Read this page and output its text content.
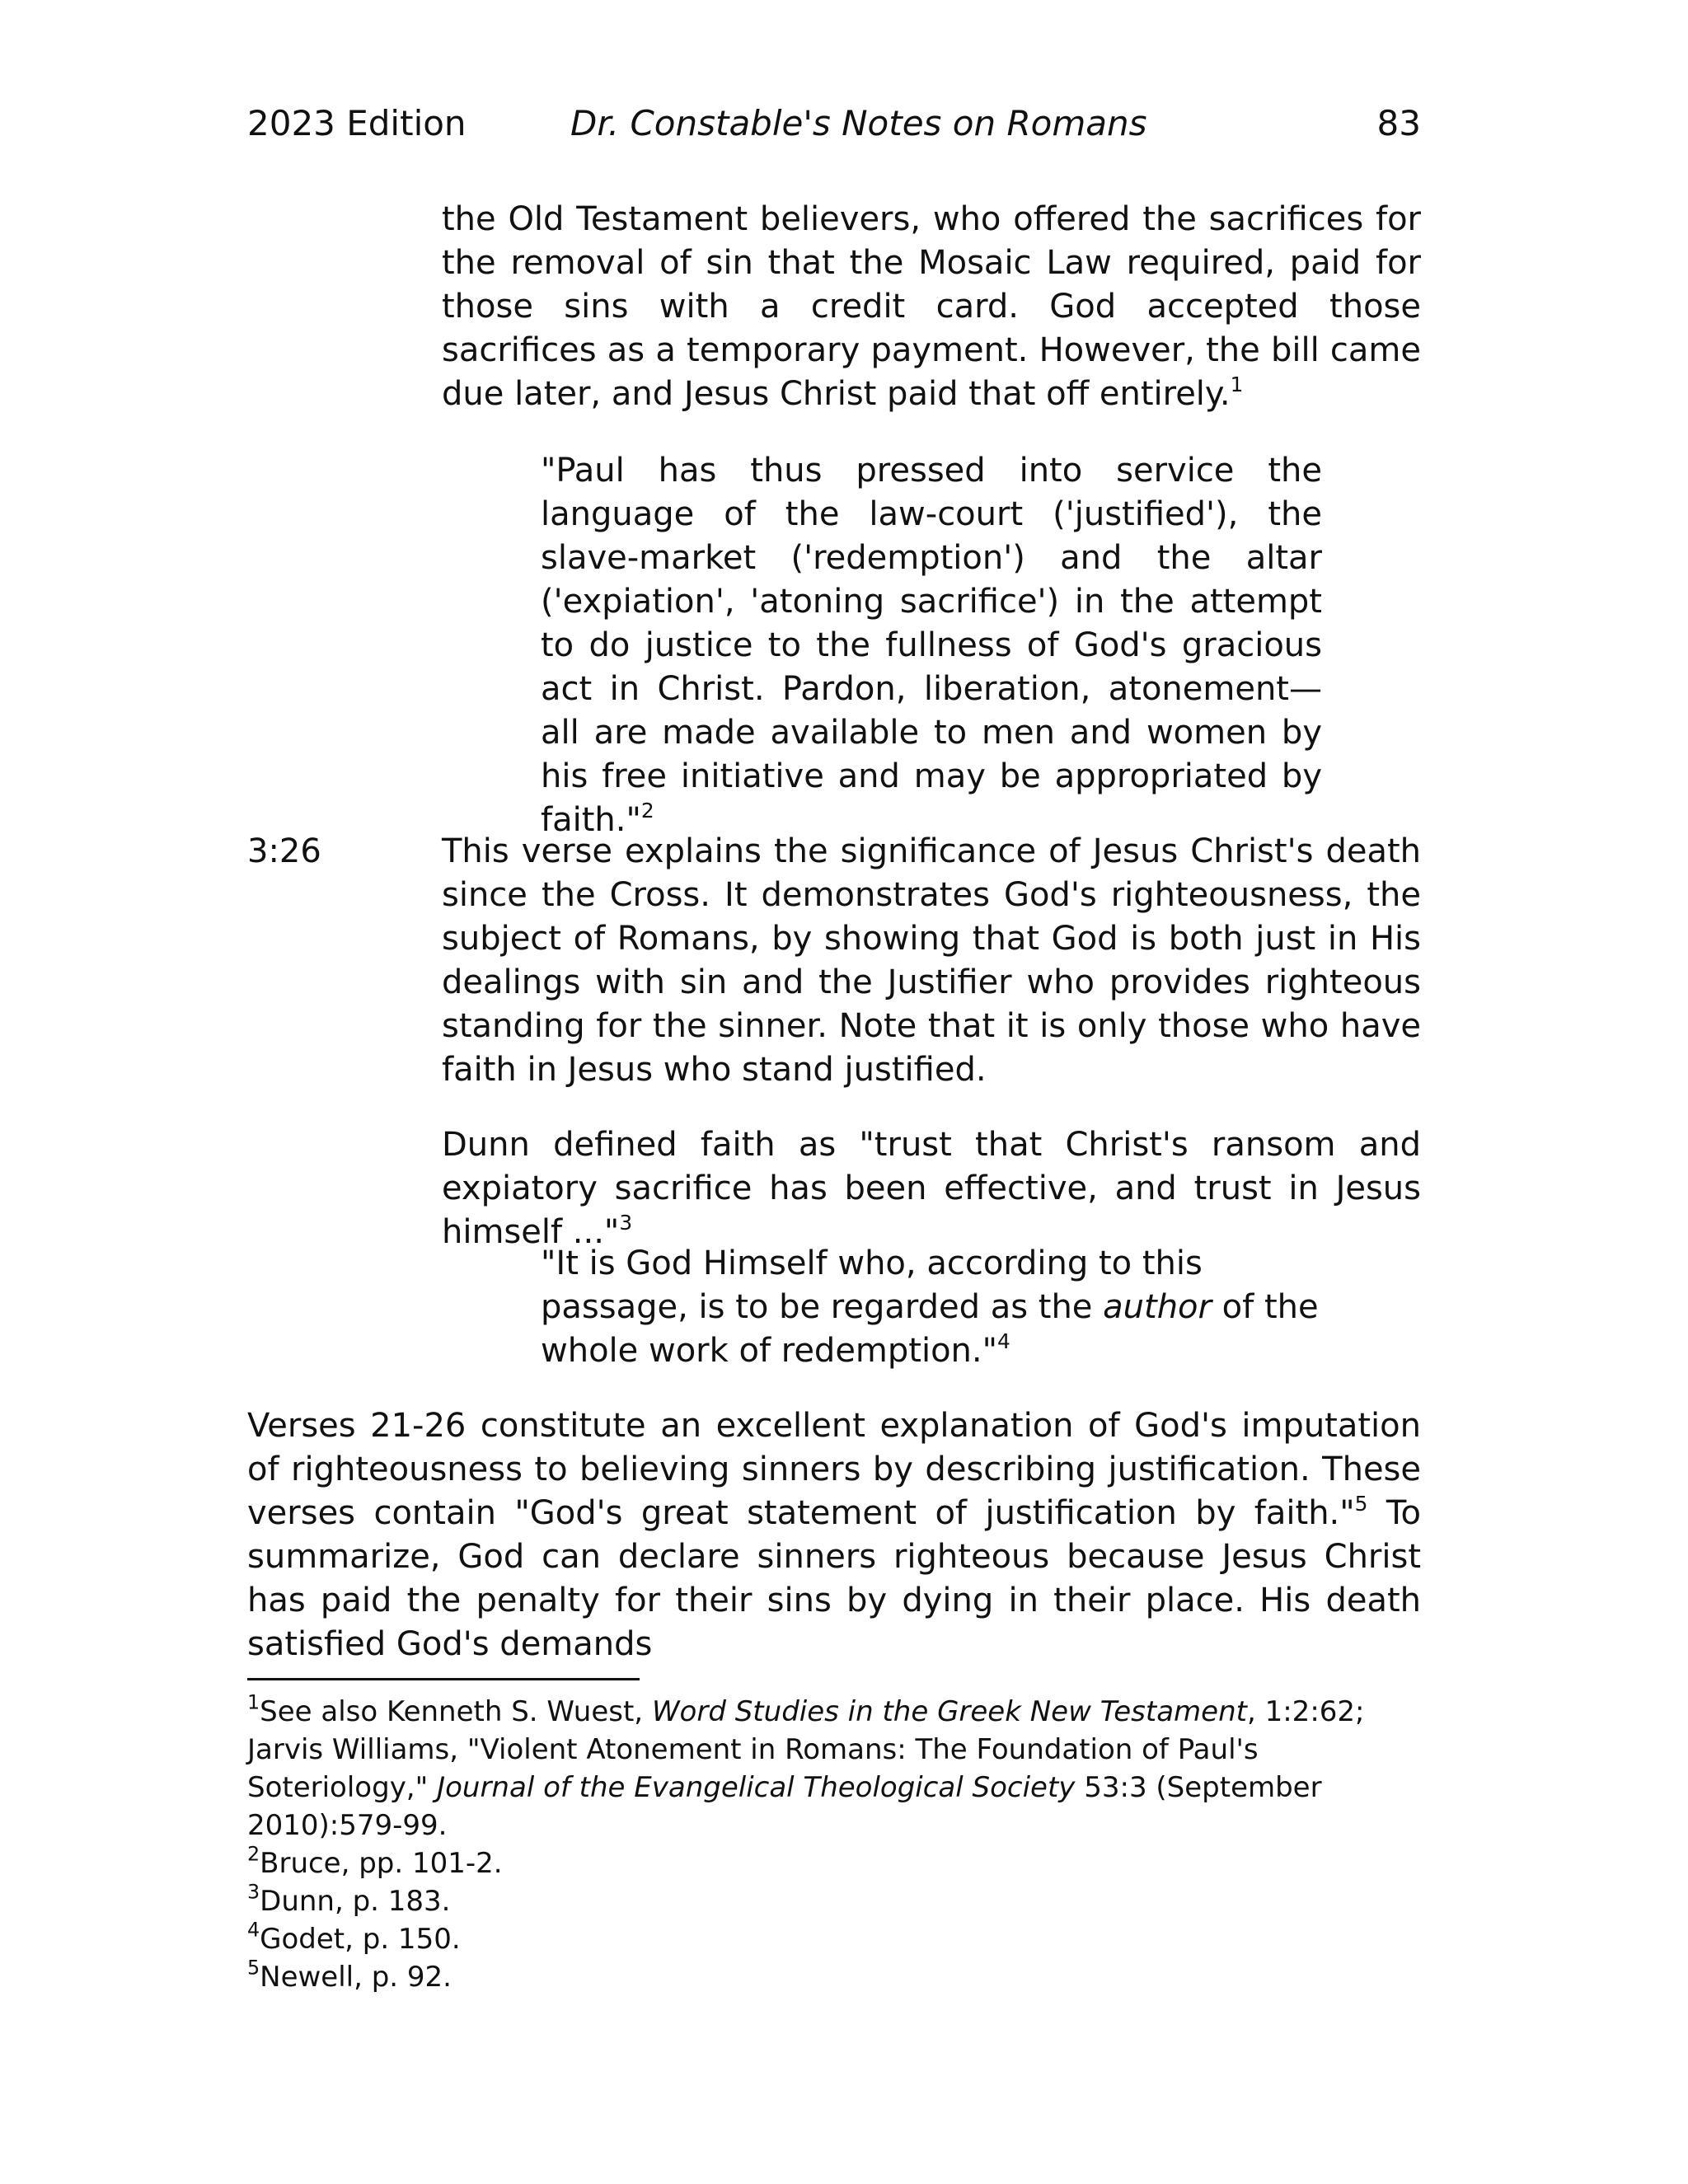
2023 Edition	Dr. Constable's Notes on Romans	83

the Old Testament believers, who offered the sacrifices for the removal of sin that the Mosaic Law required, paid for those sins with a credit card. God accepted those sacrifices as a temporary payment. However, the bill came due later, and Jesus Christ paid that off entirely.$^1$

"Paul has thus pressed into service the language of the law-court ('justified'), the slave-market ('redemption') and the altar ('expiation', 'atoning sacrifice') in the attempt to do justice to the fullness of God's gracious act in Christ. Pardon, liberation, atonement—all are made available to men and women by his free initiative and may be appropriated by faith."$^2$

3:26	This verse explains the significance of Jesus Christ's death since the Cross. It demonstrates God's righteousness, the subject of Romans, by showing that God is both just in His dealings with sin and the Justifier who provides righteous standing for the sinner. Note that it is only those who have faith in Jesus who stand justified.

Dunn defined faith as "trust that Christ's ransom and expiatory sacrifice has been effective, and trust in Jesus himself ..."$^3$

"It is God Himself who, according to this passage, is to be regarded as the author of the whole work of redemption."$^4$

Verses 21-26 constitute an excellent explanation of God's imputation of righteousness to believing sinners by describing justification. These verses contain "God's great statement of justification by faith."$^5$ To summarize, God can declare sinners righteous because Jesus Christ has paid the penalty for their sins by dying in their place. His death satisfied God's demands

$^1$See also Kenneth S. Wuest, Word Studies in the Greek New Testament, 1:2:62; Jarvis Williams, "Violent Atonement in Romans: The Foundation of Paul's Soteriology," Journal of the Evangelical Theological Society 53:3 (September 2010):579-99.

$^2$Bruce, pp. 101-2.

$^3$Dunn, p. 183.

$^4$Godet, p. 150.

$^5$Newell, p. 92.
